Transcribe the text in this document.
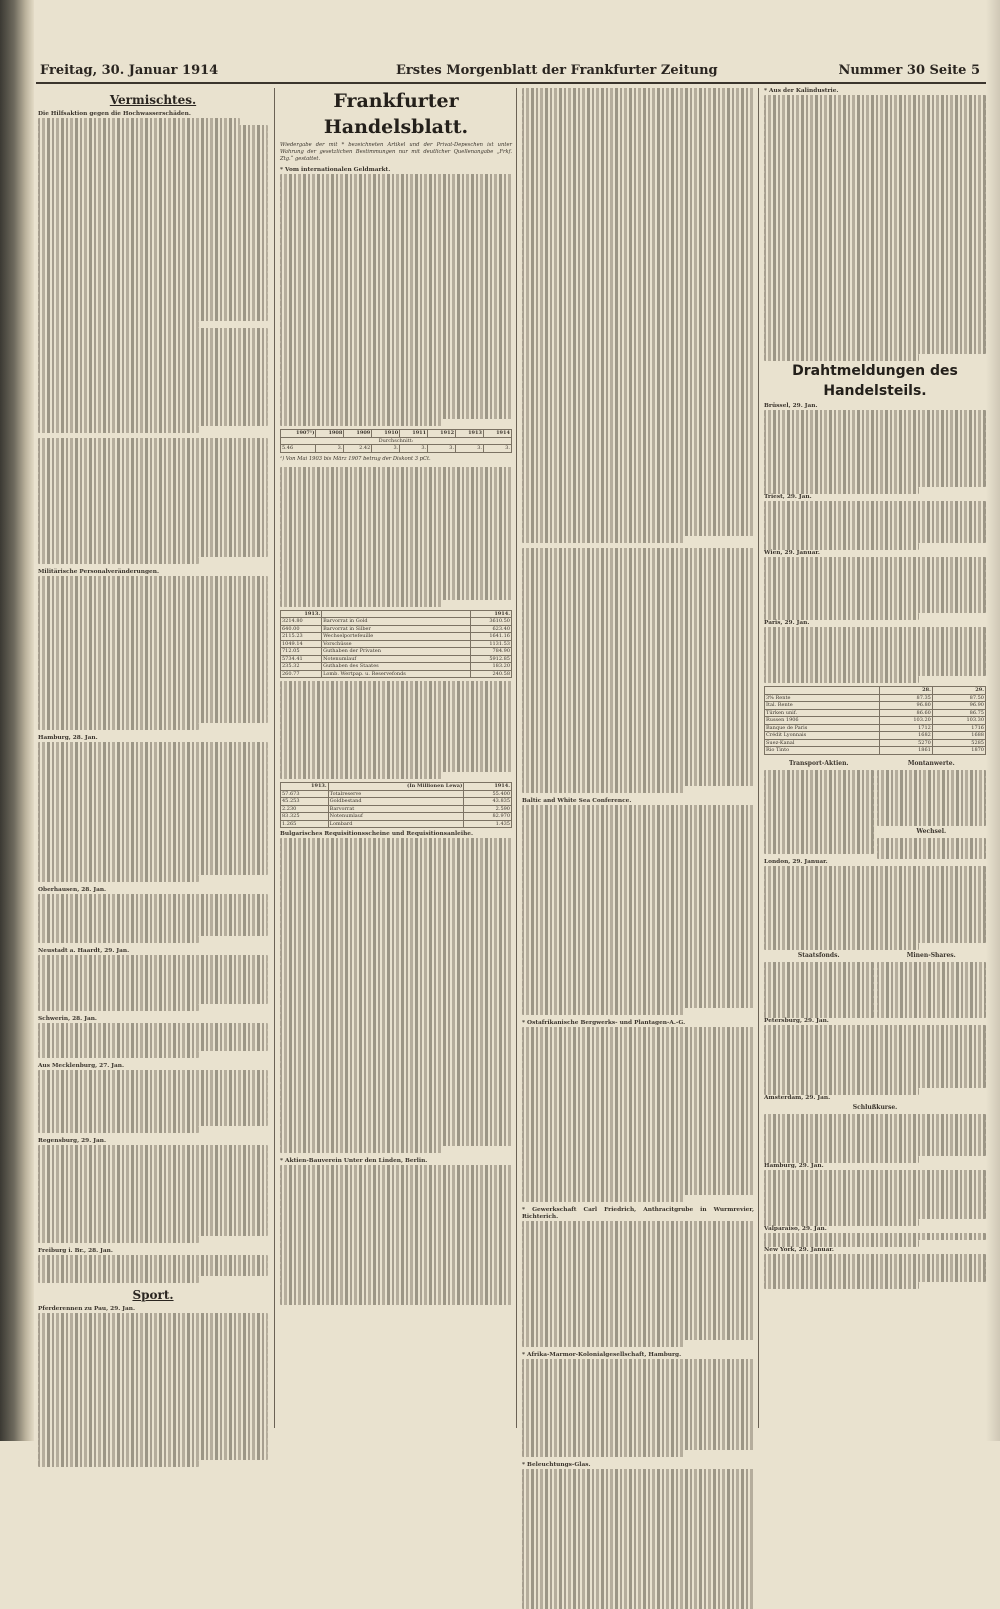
Freitag, 30. Januar 1914	Erstes Morgenblatt der Frankfurter Zeitung	Nummer 30 Seite 5
Vermischtes.
Die Hilfsaktion gegen die Hochwasserschäden.
Militärische Personalveränderungen.
Hamburg, 28. Jan.
Oberhausen, 28. Jan.
Neustadt a. Haardt, 29. Jan.
Schwerin, 28. Jan.
Aus Mecklenburg, 27. Jan.
Regensburg, 29. Jan.
Freiburg i. Br., 28. Jan.
Sport.
Pferderennen zu Pau, 29. Jan.
Frankfurter Handelsblatt.
Wiedergabe der mit * bezeichneten Artikel und der Privat-Depeschen ist unter Wahrung der gesetzlichen Bestimmungen nur mit deutlicher Quellenangabe „Frkf. Ztg.“ gestattet.
* Vom internationalen Geldmarkt.
1907¹)	1908	1909	1910	1911	1912	1913	1914
Durchschnitt:							
5.46	3.	2.42	3.	3.	3.	3.	3.
¹) Von Mai 1903 bis März 1907 betrug der Diskont 3 pCt.
1913.		1914.
3214.80	Barvorrat in Gold	3610.50
640.00	Barvorrat in Silber	623.40
2115.23	Wechselportefeuille	1641.16
1049.14	Vorschüsse	1131.53
712.05	Guthaben der Privaten	784.90
5734.41	Notenumlauf	5912.85
235.32	Guthaben des Staates	183.20
260.77	Lomb. Wertpap. u. Reservefonds	240.58
1913.	(In Millionen Lewa)	1914.
57.673	Totalreserve	55.400
45.253	Goldbestand	43.835
2.230	Barvorrat	2.590
83.325	Notenumlauf	82.970
1.265	Lombard	1.435
Bulgarisches Requisitionsscheine und Requisitionsanleihe.
* Aktien-Bauverein Unter den Linden, Berlin.
Baltic and White Sea Conference.
* Ostafrikanische Bergwerks- und Plantagen-A.-G.
* Gewerkschaft Carl Friedrich, Anthracitgrube in Wurmrevier, Richterich.
* Afrika-Marmor-Kolonialgesellschaft, Hamburg.
* Beleuchtungs-Glas.
* Aus der Kalindustrie.
Drahtmeldungen des Handelsteils.
Brüssel, 29. Jan.
Triest, 29. Jan.
Wien, 29. Januar.
Paris, 29. Jan.
	28.	29.
3% Rente	87.35	87.50
Ital. Rente	96.80	96.90
Türken unif.	86.60	86.75
Russen 1906	103.20	103.30
Banque de Paris	1712	1716
Crédit Lyonnais	1682	1688
Suez-Kanal	5270	5285
Rio Tinto	1861	1870
Transport-Aktien.	Montanwerte.
Wechsel.
London, 29. Januar.
Staatsfonds.	Minen-Shares.
Petersburg, 29. Jan.
Amsterdam, 29. Jan.
Schlußkurse.
Hamburg, 29. Jan.
Valparaiso, 29. Jan.
New York, 29. Januar.
